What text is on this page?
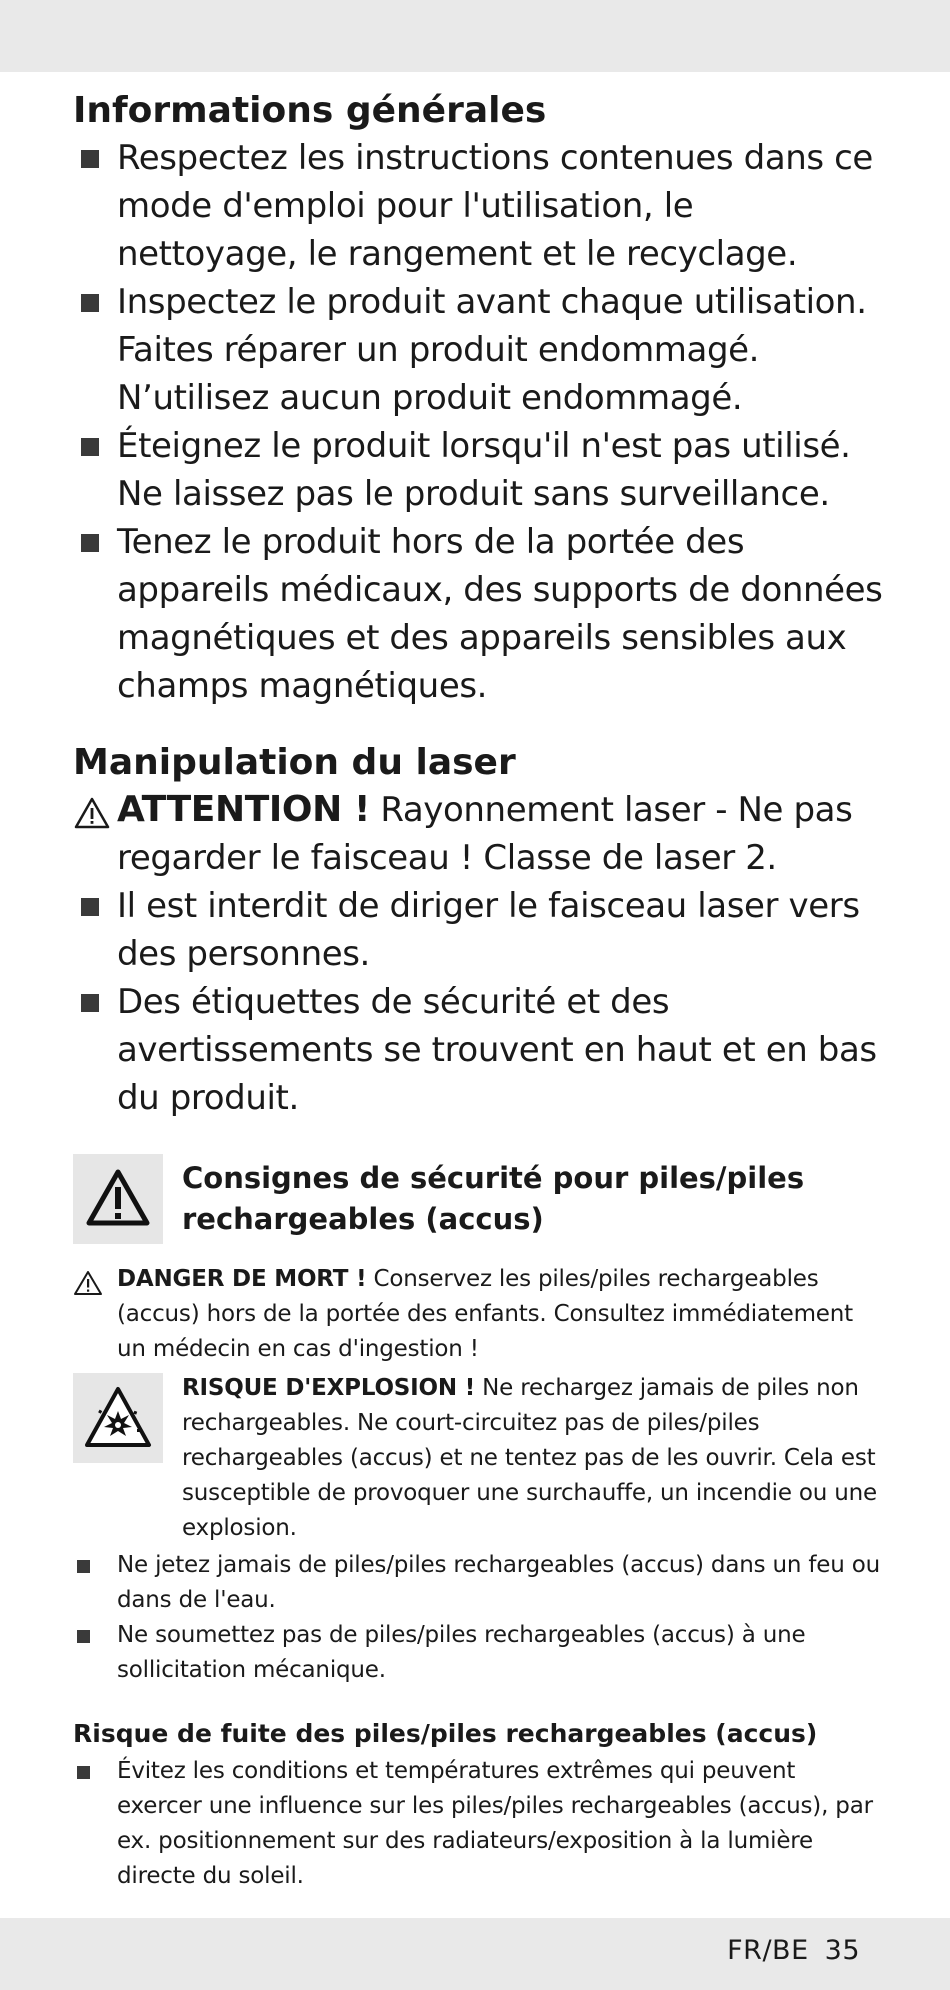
Informations générales
Respectez les instructions contenues dans ce mode d'emploi pour l'utilisation, le nettoyage, le rangement et le recyclage.
Inspectez le produit avant chaque utilisation. Faites réparer un produit endommagé. N’utilisez aucun produit endommagé.
Éteignez le produit lorsqu'il n'est pas utilisé. Ne laissez pas le produit sans surveillance.
Tenez le produit hors de la portée des appareils médicaux, des supports de données magnétiques et des appareils sensibles aux champs magnétiques.
Manipulation du laser
ATTENTION ! Rayonnement laser - Ne pas regarder le faisceau ! Classe de laser 2.
Il est interdit de diriger le faisceau laser vers des personnes.
Des étiquettes de sécurité et des avertissements se trouvent en haut et en bas du produit.
Consignes de sécurité pour piles/piles rechargeables (accus)
DANGER DE MORT ! Conservez les piles/piles rechargeables (accus) hors de la portée des enfants. Consultez immédiatement un médecin en cas d'ingestion !
RISQUE D'EXPLOSION ! Ne rechargez jamais de piles non rechargeables. Ne court-circuitez pas de piles/piles rechargeables (accus) et ne tentez pas de les ouvrir. Cela est susceptible de provoquer une surchauffe, un incendie ou une explosion.
Ne jetez jamais de piles/piles rechargeables (accus) dans un feu ou dans de l'eau.
Ne soumettez pas de piles/piles rechargeables (accus) à une sollicitation mécanique.
Risque de fuite des piles/piles rechargeables (accus)
Évitez les conditions et températures extrêmes qui peuvent exercer une influence sur les piles/piles rechargeables (accus), par ex. positionnement sur des radiateurs/exposition à la lumière directe du soleil.
FR/BE 35
